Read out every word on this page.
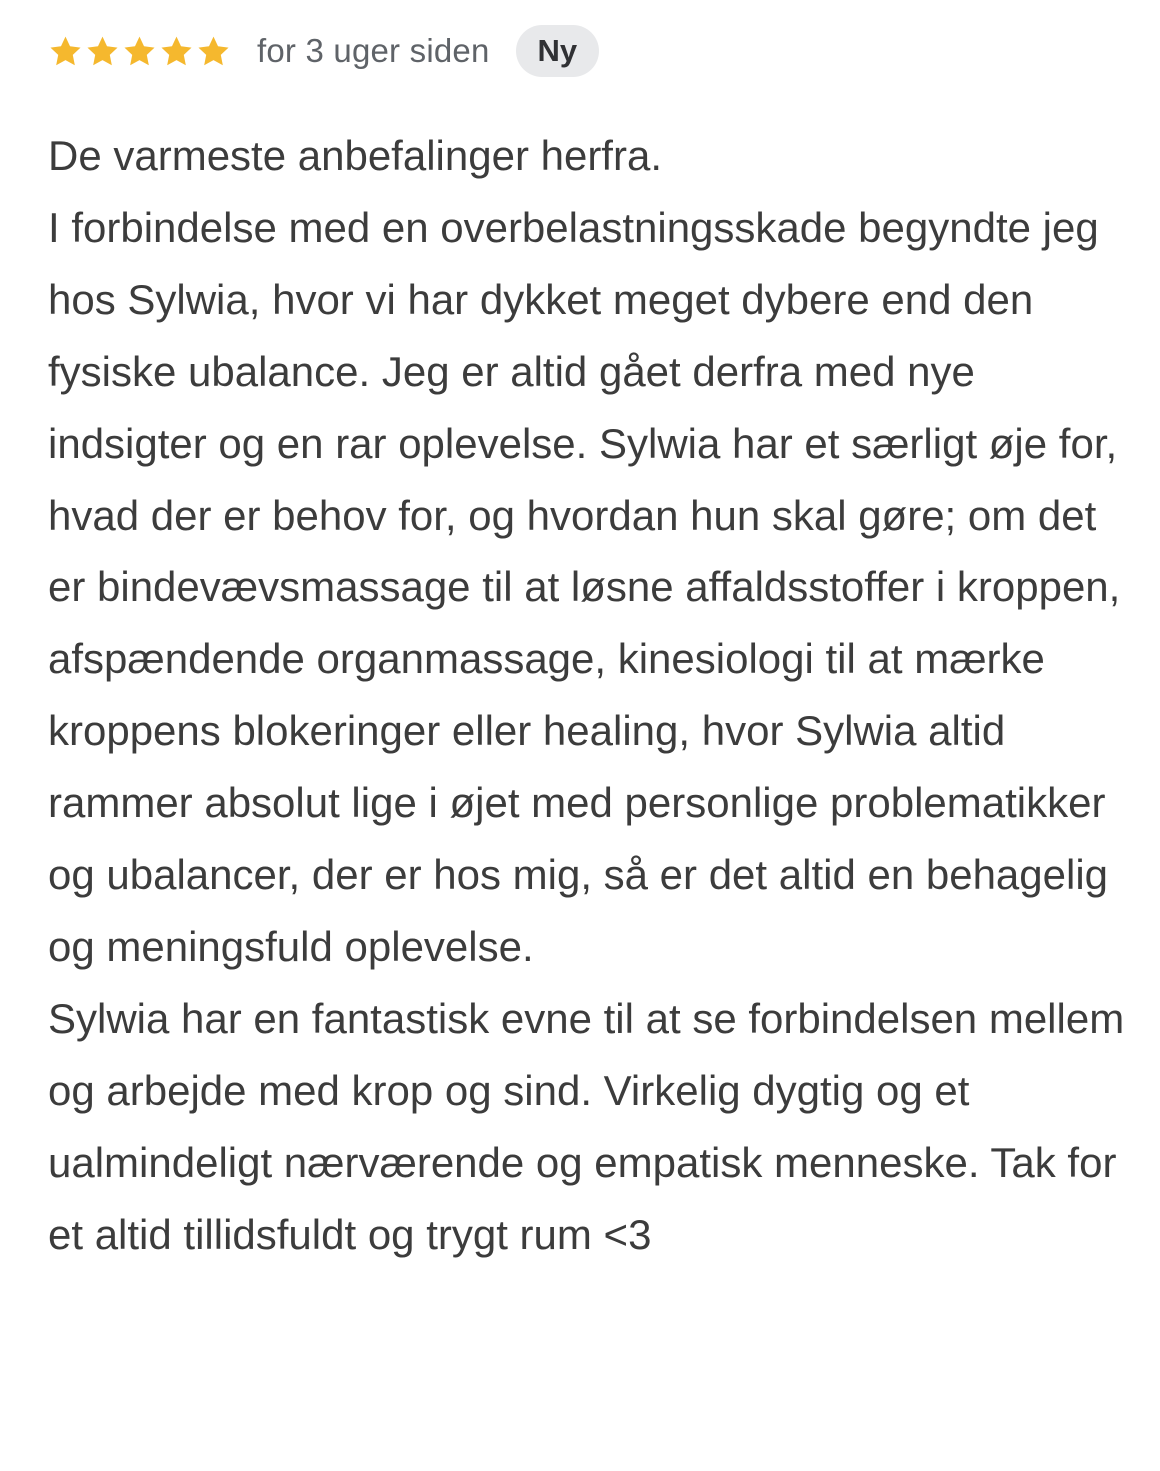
for 3 uger siden	Ny

De varmeste anbefalinger herfra.

I forbindelse med en overbelastningsskade begyndte jeg hos Sylwia, hvor vi har dykket meget dybere end den fysiske ubalance. Jeg er altid gået derfra med nye indsigter og en rar oplevelse. Sylwia har et særligt øje for, hvad der er behov for, og hvordan hun skal gøre; om det er bindevævsmassage til at løsne affaldsstoffer i kroppen, afspændende organmassage, kinesiologi til at mærke kroppens blokeringer eller healing, hvor Sylwia altid rammer absolut lige i øjet med personlige problematikker og ubalancer, der er hos mig, så er det altid en behagelig og meningsfuld oplevelse.

Sylwia har en fantastisk evne til at se forbindelsen mellem og arbejde med krop og sind. Virkelig dygtig og et ualmindeligt nærværende og empatisk menneske. Tak for et altid tillidsfuldt og trygt rum <3
